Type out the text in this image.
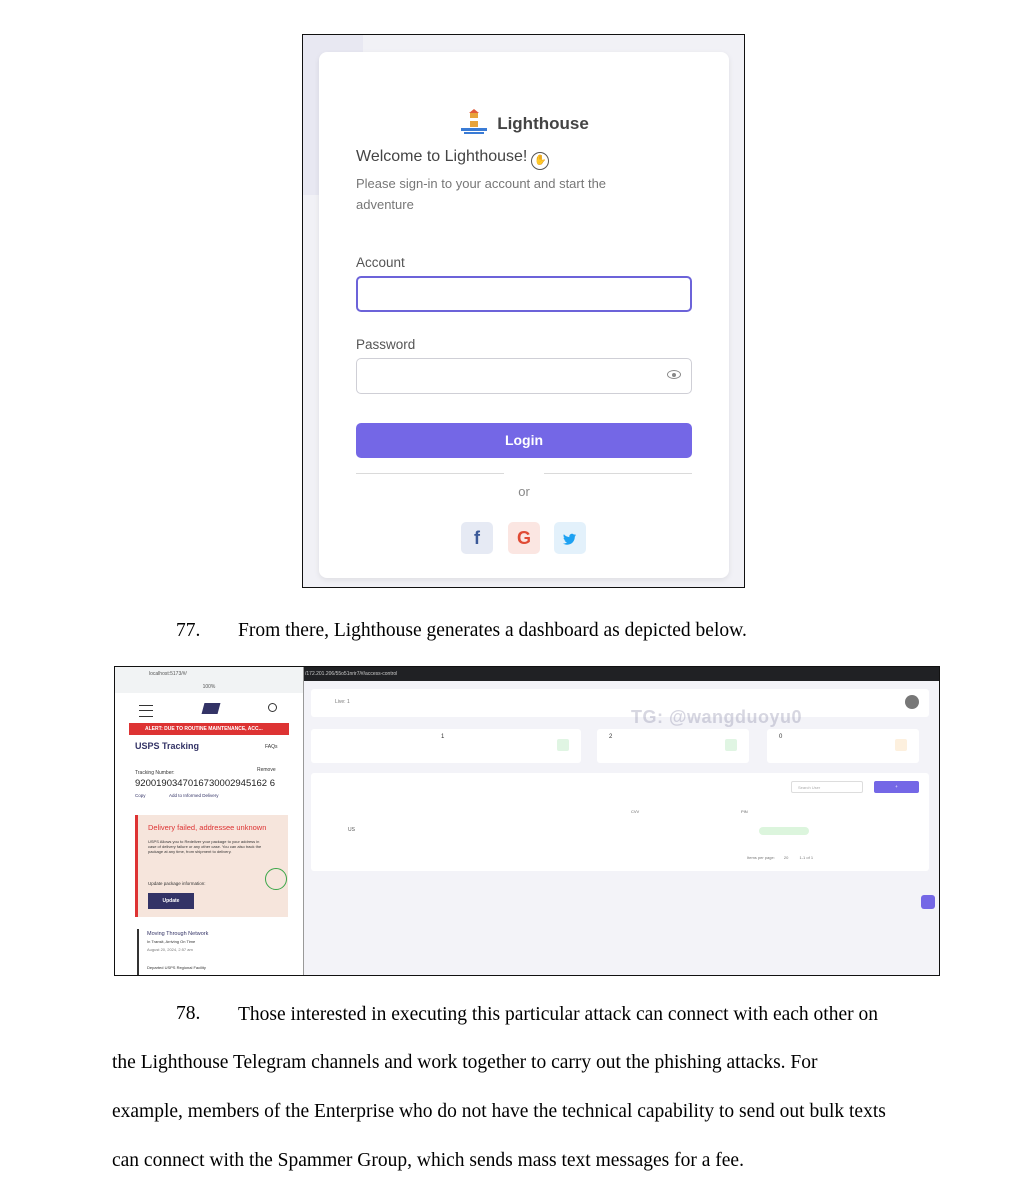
Lighthouse
Welcome to Lighthouse! ✋
Please sign-in to your account and start the adventure
Account
Password
Login
or
f	G
77. From there, Lighthouse generates a dashboard as depicted below.
/172.201.206/55o51nrir7/#/access-control
Live: 1
TG: @wangduoyu0
1	2	0
Search User	+
CVV	PIN
US
Items per page: 20	1-1 of 1
localhost:5173/#/
100%
ALERT: DUE TO ROUTINE MAINTENANCE, ACC...
USPS Tracking	FAQs
Tracking Number:	Remove
9200190347016730002945162 6
Copy	Add to Informed Delivery
Delivery failed, addressee unknown
USPS Allows you to Redeliver your package to your address in case of delivery failure or any other case. You can also track the package at any time, from shipment to delivery.
Update package information:
Update
Moving Through Network
In Transit, Arriving On Time
August 20, 2024, 2:57 am
Departed USPS Regional Facility
78. Those interested in executing this particular attack can connect with each other on
the Lighthouse Telegram channels and work together to carry out the phishing attacks. For
example, members of the Enterprise who do not have the technical capability to send out bulk texts
can connect with the Spammer Group, which sends mass text messages for a fee.
